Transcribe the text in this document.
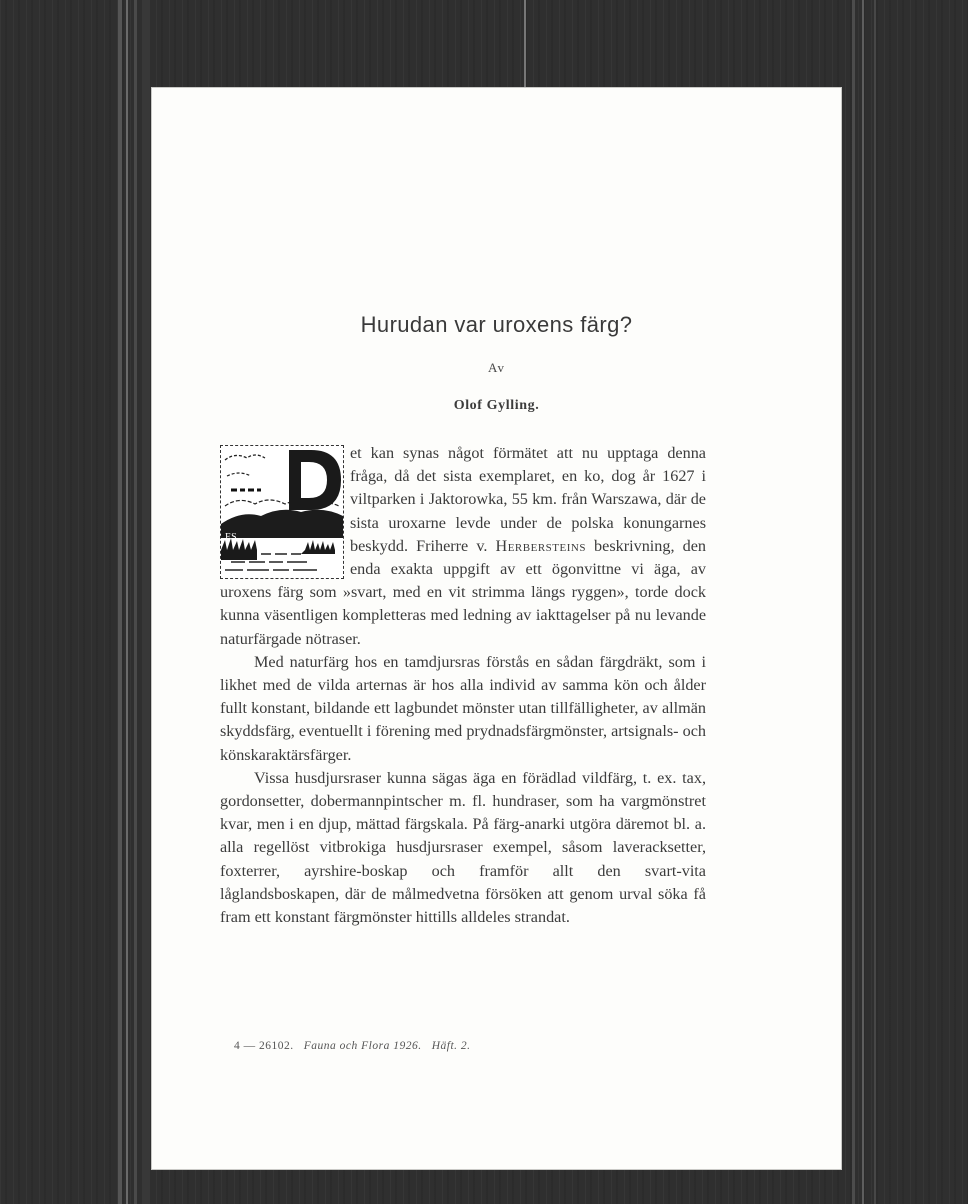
Hurudan var uroxens färg?
Av
Olof Gylling.

ES
et kan synas något förmätet att nu upptaga denna fråga, då det sista exemplaret, en ko, dog år 1627 i viltparken i Jaktorowka, 55 km. från Warszawa, där de sista uroxarne levde under de polska konungarnes beskydd. Friherre v. Herbersteins beskrivning, den enda exakta uppgift av ett ögonvittne vi äga, av uroxens färg som »svart, med en vit strimma längs ryggen», torde dock kunna väsentligen kompletteras med ledning av iakttagelser på nu levande naturfärgade nötraser.

Med naturfärg hos en tamdjursras förstås en sådan färgdräkt, som i likhet med de vilda arternas är hos alla individ av samma kön och ålder fullt konstant, bildande ett lagbundet mönster utan tillfälligheter, av allmän skyddsfärg, eventuellt i förening med prydnadsfärgmönster, artsignals- och könskaraktärsfärger.

Vissa husdjursraser kunna sägas äga en förädlad vildfärg, t. ex. tax, gordonsetter, dobermannpintscher m. fl. hundraser, som ha vargmönstret kvar, men i en djup, mättad färgskala. På färg-anarki utgöra däremot bl. a. alla regellöst vitbrokiga husdjursraser exempel, såsom laveracksetter, foxterrer, ayrshire-boskap och framför allt den svart-vita låglandsboskapen, där de målmedvetna försöken att genom urval söka få fram ett konstant färgmönster hittills alldeles strandat.

4 — 26102. Fauna och Flora 1926. Häft. 2.
